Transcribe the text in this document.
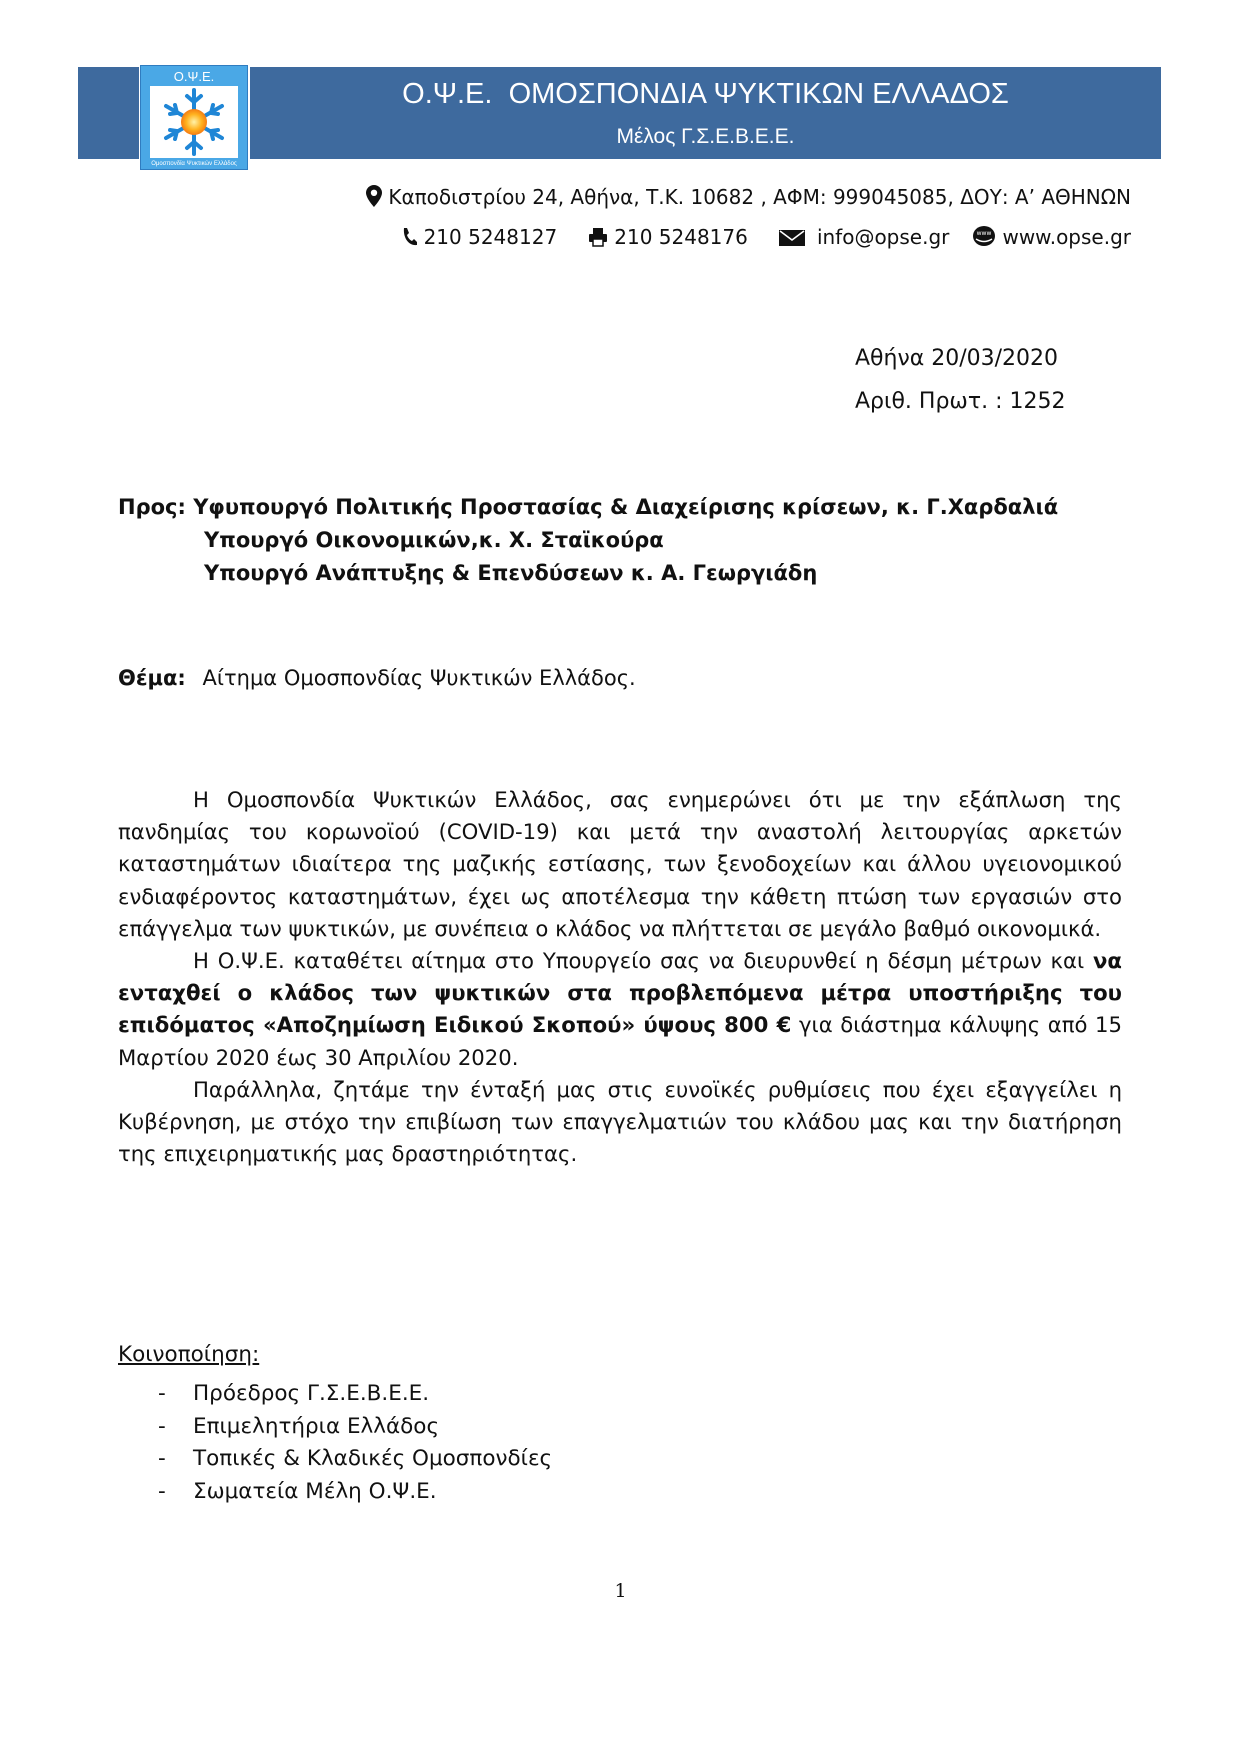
Ο.Ψ.Ε.
Ομοσπονδία Ψυκτικών Ελλάδος
Ο.Ψ.Ε.  ΟΜΟΣΠΟΝΔΙΑ ΨΥΚΤΙΚΩΝ ΕΛΛΑΔΟΣ
Μέλος Γ.Σ.Ε.Β.Ε.Ε.
Καποδιστρίου 24, Αθήνα, Τ.Κ. 10682 , ΑΦΜ: 999045085, ΔΟΥ: Α’ ΑΘΗΝΩΝ
210 5248127	210 5248176	info@opse.gr	www www.opse.gr
Αθήνα 20/03/2020
Αριθ. Πρωτ. : 1252
Προς: Υφυπουργό Πολιτικής Προστασίας & Διαχείρισης κρίσεων, κ. Γ.Χαρδαλιά
Υπουργό Οικονομικών,κ. Χ. Σταϊκούρα
Υπουργό Ανάπτυξης & Επενδύσεων κ. Α. Γεωργιάδη
Θέμα: Αίτημα Ομοσπονδίας Ψυκτικών Ελλάδος.

Η Ομοσπονδία Ψυκτικών Ελλάδος, σας ενημερώνει ότι με την εξάπλωση της πανδημίας του κορωνοϊού (COVID-19) και μετά την αναστολή λειτουργίας αρκετών καταστημάτων ιδιαίτερα της μαζικής εστίασης, των ξενοδοχείων και άλλου υγειονομικού ενδιαφέροντος καταστημάτων, έχει ως αποτέλεσμα την κάθετη πτώση των εργασιών στο επάγγελμα των ψυκτικών, με συνέπεια ο κλάδος να πλήττεται σε μεγάλο βαθμό οικονομικά.

Η Ο.Ψ.Ε. καταθέτει αίτημα στο Υπουργείο σας να διευρυνθεί η δέσμη μέτρων και να ενταχθεί ο κλάδος των ψυκτικών στα προβλεπόμενα μέτρα υποστήριξης του επιδόματος «Αποζημίωση Ειδικού Σκοπού» ύψους 800 € για διάστημα κάλυψης από 15 Μαρτίου 2020 έως 30 Απριλίου 2020.

Παράλληλα, ζητάμε την ένταξή μας στις ευνοϊκές ρυθμίσεις που έχει εξαγγείλει η Κυβέρνηση, με στόχο την επιβίωση των επαγγελματιών του κλάδου μας και την διατήρηση της επιχειρηματικής μας δραστηριότητας.

Κοινοποίηση:
-	Πρόεδρος Γ.Σ.Ε.Β.Ε.Ε.
-	Επιμελητήρια Ελλάδος
-	Τοπικές & Κλαδικές Ομοσπονδίες
-	Σωματεία Μέλη Ο.Ψ.Ε.
1
